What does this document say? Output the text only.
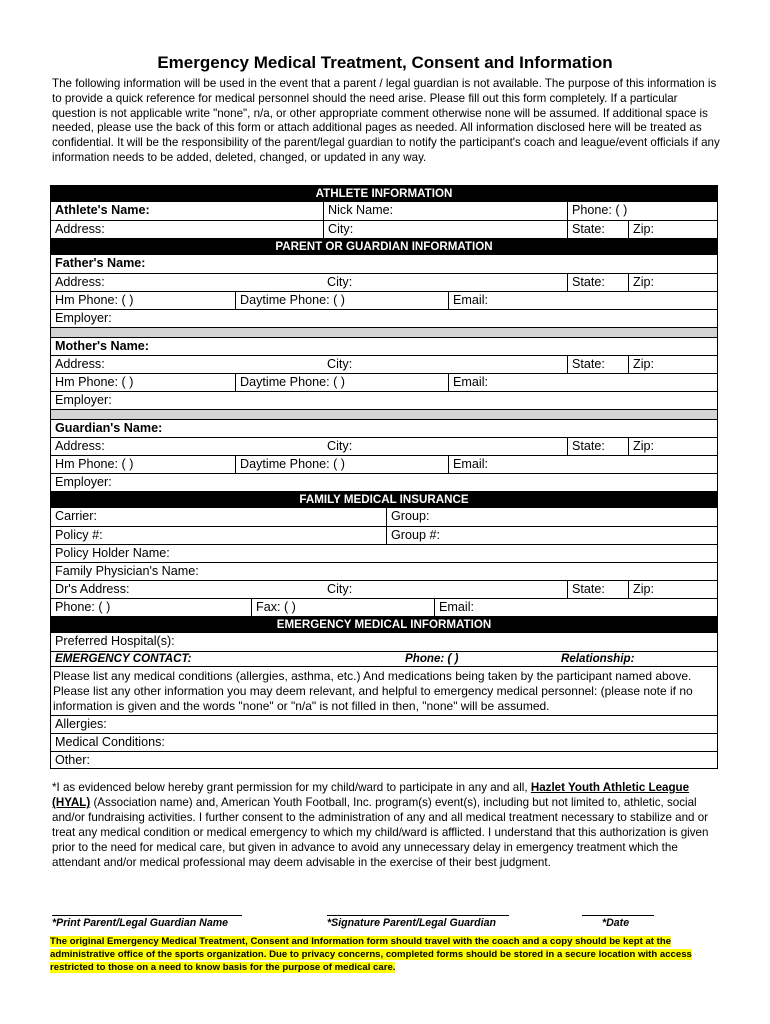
Emergency Medical Treatment, Consent and Information
The following information will be used in the event that a parent / legal guardian is not available. The purpose of this information is to provide a quick reference for medical personnel should the need arise. Please fill out this form completely. If a particular question is not applicable write "none", n/a, or other appropriate comment otherwise none will be assumed. If additional space is needed, please use the back of this form or attach additional pages as needed. All information disclosed here will be treated as confidential. It will be the responsibility of the parent/legal guardian to notify the participant's coach and league/event officials if any information needs to be added, deleted, changed, or updated in any way.
ATHLETE INFORMATION
Athlete's Name:	Nick Name:	Phone: ( )
Address:	City:	State:	Zip:
PARENT OR GUARDIAN INFORMATION
Father's Name:
Address:	City:	State:	Zip:
Hm Phone: ( )	Daytime Phone: ( )	Email:
Employer:
Mother's Name:
Address:	City:	State:	Zip:
Hm Phone: ( )	Daytime Phone: ( )	Email:
Employer:
Guardian's Name:
Address:	City:	State:	Zip:
Hm Phone: ( )	Daytime Phone: ( )	Email:
Employer:
FAMILY MEDICAL INSURANCE
Carrier:	Group:
Policy #:	Group #:
Policy Holder Name:
Family Physician's Name:
Dr's Address:	City:	State:	Zip:
Phone: ( )	Fax: ( )	Email:
EMERGENCY MEDICAL INFORMATION
Preferred Hospital(s):
EMERGENCY CONTACT:	Phone: ( )	Relationship:
Please list any medical conditions (allergies, asthma, etc.) And medications being taken by the participant named above. Please list any other information you may deem relevant, and helpful to emergency medical personnel: (please note if no information is given and the words "none" or "n/a" is not filled in then, "none" will be assumed.
Allergies:
Medical Conditions:
Other:
*I as evidenced below hereby grant permission for my child/ward to participate in any and all, Hazlet Youth Athletic League (HYAL) (Association name) and, American Youth Football, Inc. program(s) event(s), including but not limited to, athletic, social and/or fundraising activities. I further consent to the administration of any and all medical treatment necessary to stabilize and or treat any medical condition or medical emergency to which my child/ward is afflicted. I understand that this authorization is given prior to the need for medical care, but given in advance to avoid any unnecessary delay in emergency treatment which the attendant and/or medical professional may deem advisable in the exercise of their best judgment.
*Print Parent/Legal Guardian Name	*Signature Parent/Legal Guardian	*Date
The original Emergency Medical Treatment, Consent and Information form should travel with the coach and a copy should be kept at the administrative office of the sports organization. Due to privacy concerns, completed forms should be stored in a secure location with access restricted to those on a need to know basis for the purpose of medical care.
